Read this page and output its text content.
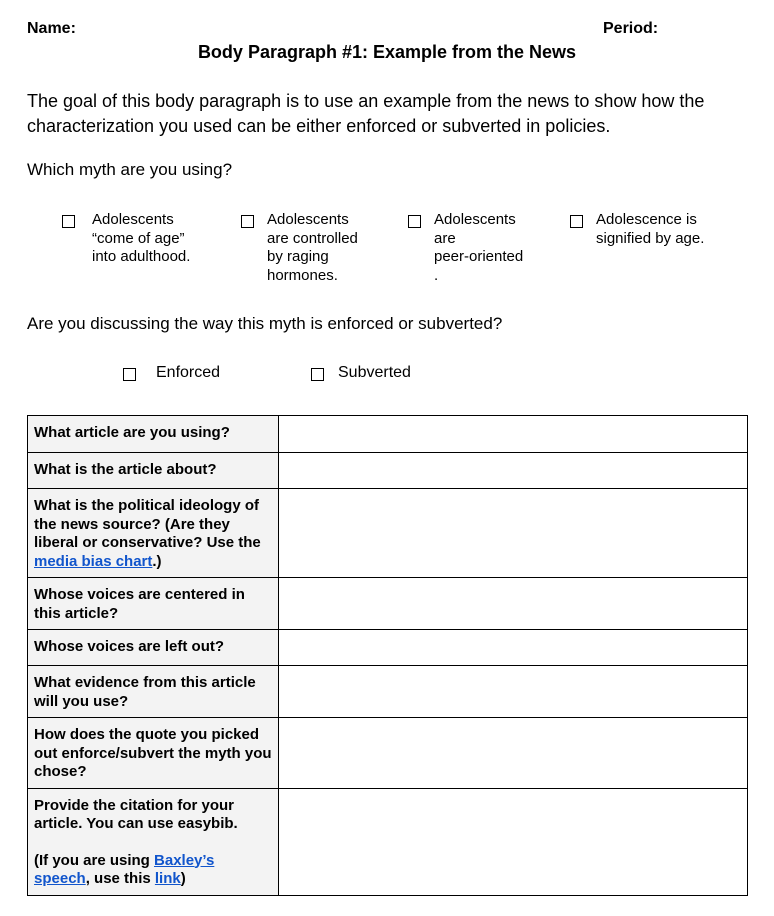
Name:	Period:
Body Paragraph #1: Example from the News
The goal of this body paragraph is to use an example from the news to show how the characterization you used can be either enforced or subverted in policies.
Which myth are you using?
Adolescents
“come of age”
into adulthood.
Adolescents
are controlled
by raging
hormones.
Adolescents
are
peer-oriented
.
Adolescence is
signified by age.
Are you discussing the way this myth is enforced or subverted?
Enforced	Subverted
What article are you using?	
What is the article about?	
What is the political ideology of the news source? (Are they liberal or conservative? Use the media bias chart.)	
Whose voices are centered in this article?	
Whose voices are left out?	
What evidence from this article will you use?	
How does the quote you picked out enforce/subvert the myth you chose?	

Provide the citation for your article. You can use easybib.
(If you are using Baxley’s speech, use this link)	
